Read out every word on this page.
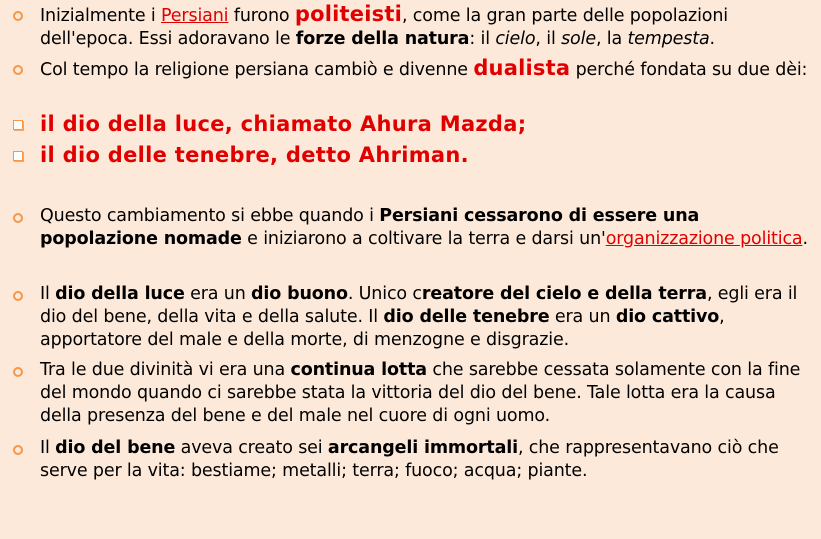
Inizialmente i Persiani furono politeisti, come la gran parte delle popolazioni dell'epoca. Essi adoravano le forze della natura: il cielo, il sole, la tempesta.
Col tempo la religione persiana cambiò e divenne dualista perché fondata su due dèi:
il dio della luce, chiamato Ahura Mazda;
il dio delle tenebre, detto Ahriman.
Questo cambiamento si ebbe quando i Persiani cessarono di essere una popolazione nomade e iniziarono a coltivare la terra e darsi un'organizzazione politica.
Il dio della luce era un dio buono. Unico creatore del cielo e della terra, egli era il dio del bene, della vita e della salute. Il dio delle tenebre era un dio cattivo, apportatore del male e della morte, di menzogne e disgrazie.
Tra le due divinità vi era una continua lotta che sarebbe cessata solamente con la fine del mondo quando ci sarebbe stata la vittoria del dio del bene. Tale lotta era la causa della presenza del bene e del male nel cuore di ogni uomo.
Il dio del bene aveva creato sei arcangeli immortali, che rappresentavano ciò che serve per la vita: bestiame; metalli; terra; fuoco; acqua; piante.
